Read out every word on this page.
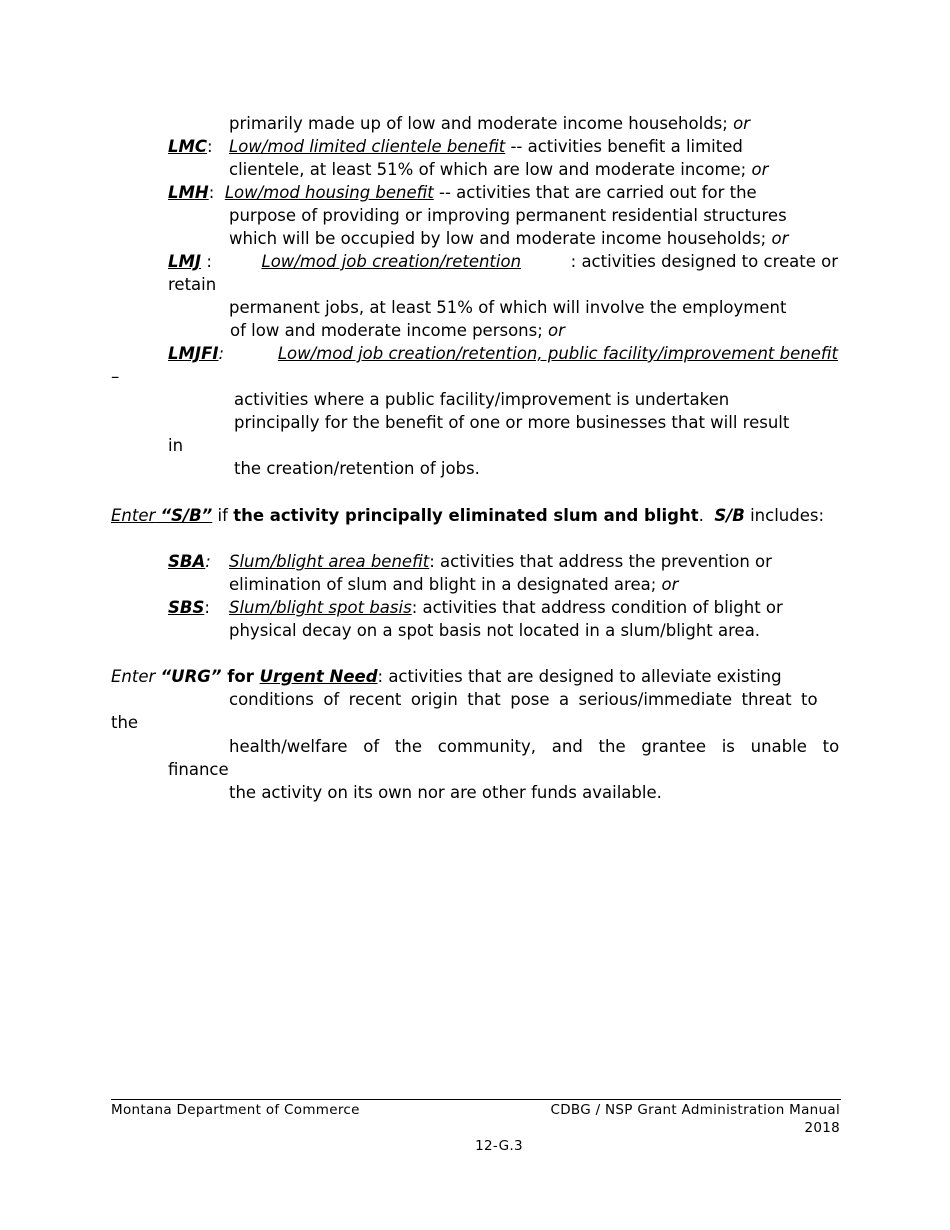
primarily made up of low and moderate income households; or
LMC: Low/mod limited clientele benefit -- activities benefit a limited
clientele, at least 51% of which are low and moderate income; or
LMH: Low/mod housing benefit -- activities that are carried out for the
purpose of providing or improving permanent residential structures
which will be occupied by low and moderate income households; or
LMJ :	Low/mod job creation/retention	: activities designed to create or
retain
permanent jobs, at least 51% of which will involve the employment
of low and moderate income persons; or
LMJFI:	Low/mod job creation/retention, public facility/improvement benefit
–
activities where a public facility/improvement is undertaken
principally for the benefit of one or more businesses that will result
in
the creation/retention of jobs.
Enter “S/B” if the activity principally eliminated slum and blight. S/B includes:
SBA: Slum/blight area benefit: activities that address the prevention or
elimination of slum and blight in a designated area; or
SBS: Slum/blight spot basis: activities that address condition of blight or
physical decay on a spot basis not located in a slum/blight area.
Enter “URG” for Urgent Need: activities that are designed to alleviate existing
conditions of recent origin that pose a serious/immediate threat to
the
health/welfare of the community, and the grantee is unable to
finance
the activity on its own nor are other funds available.
Montana Department of Commerce	CDBG / NSP Grant Administration Manual
2018
12-G.3
